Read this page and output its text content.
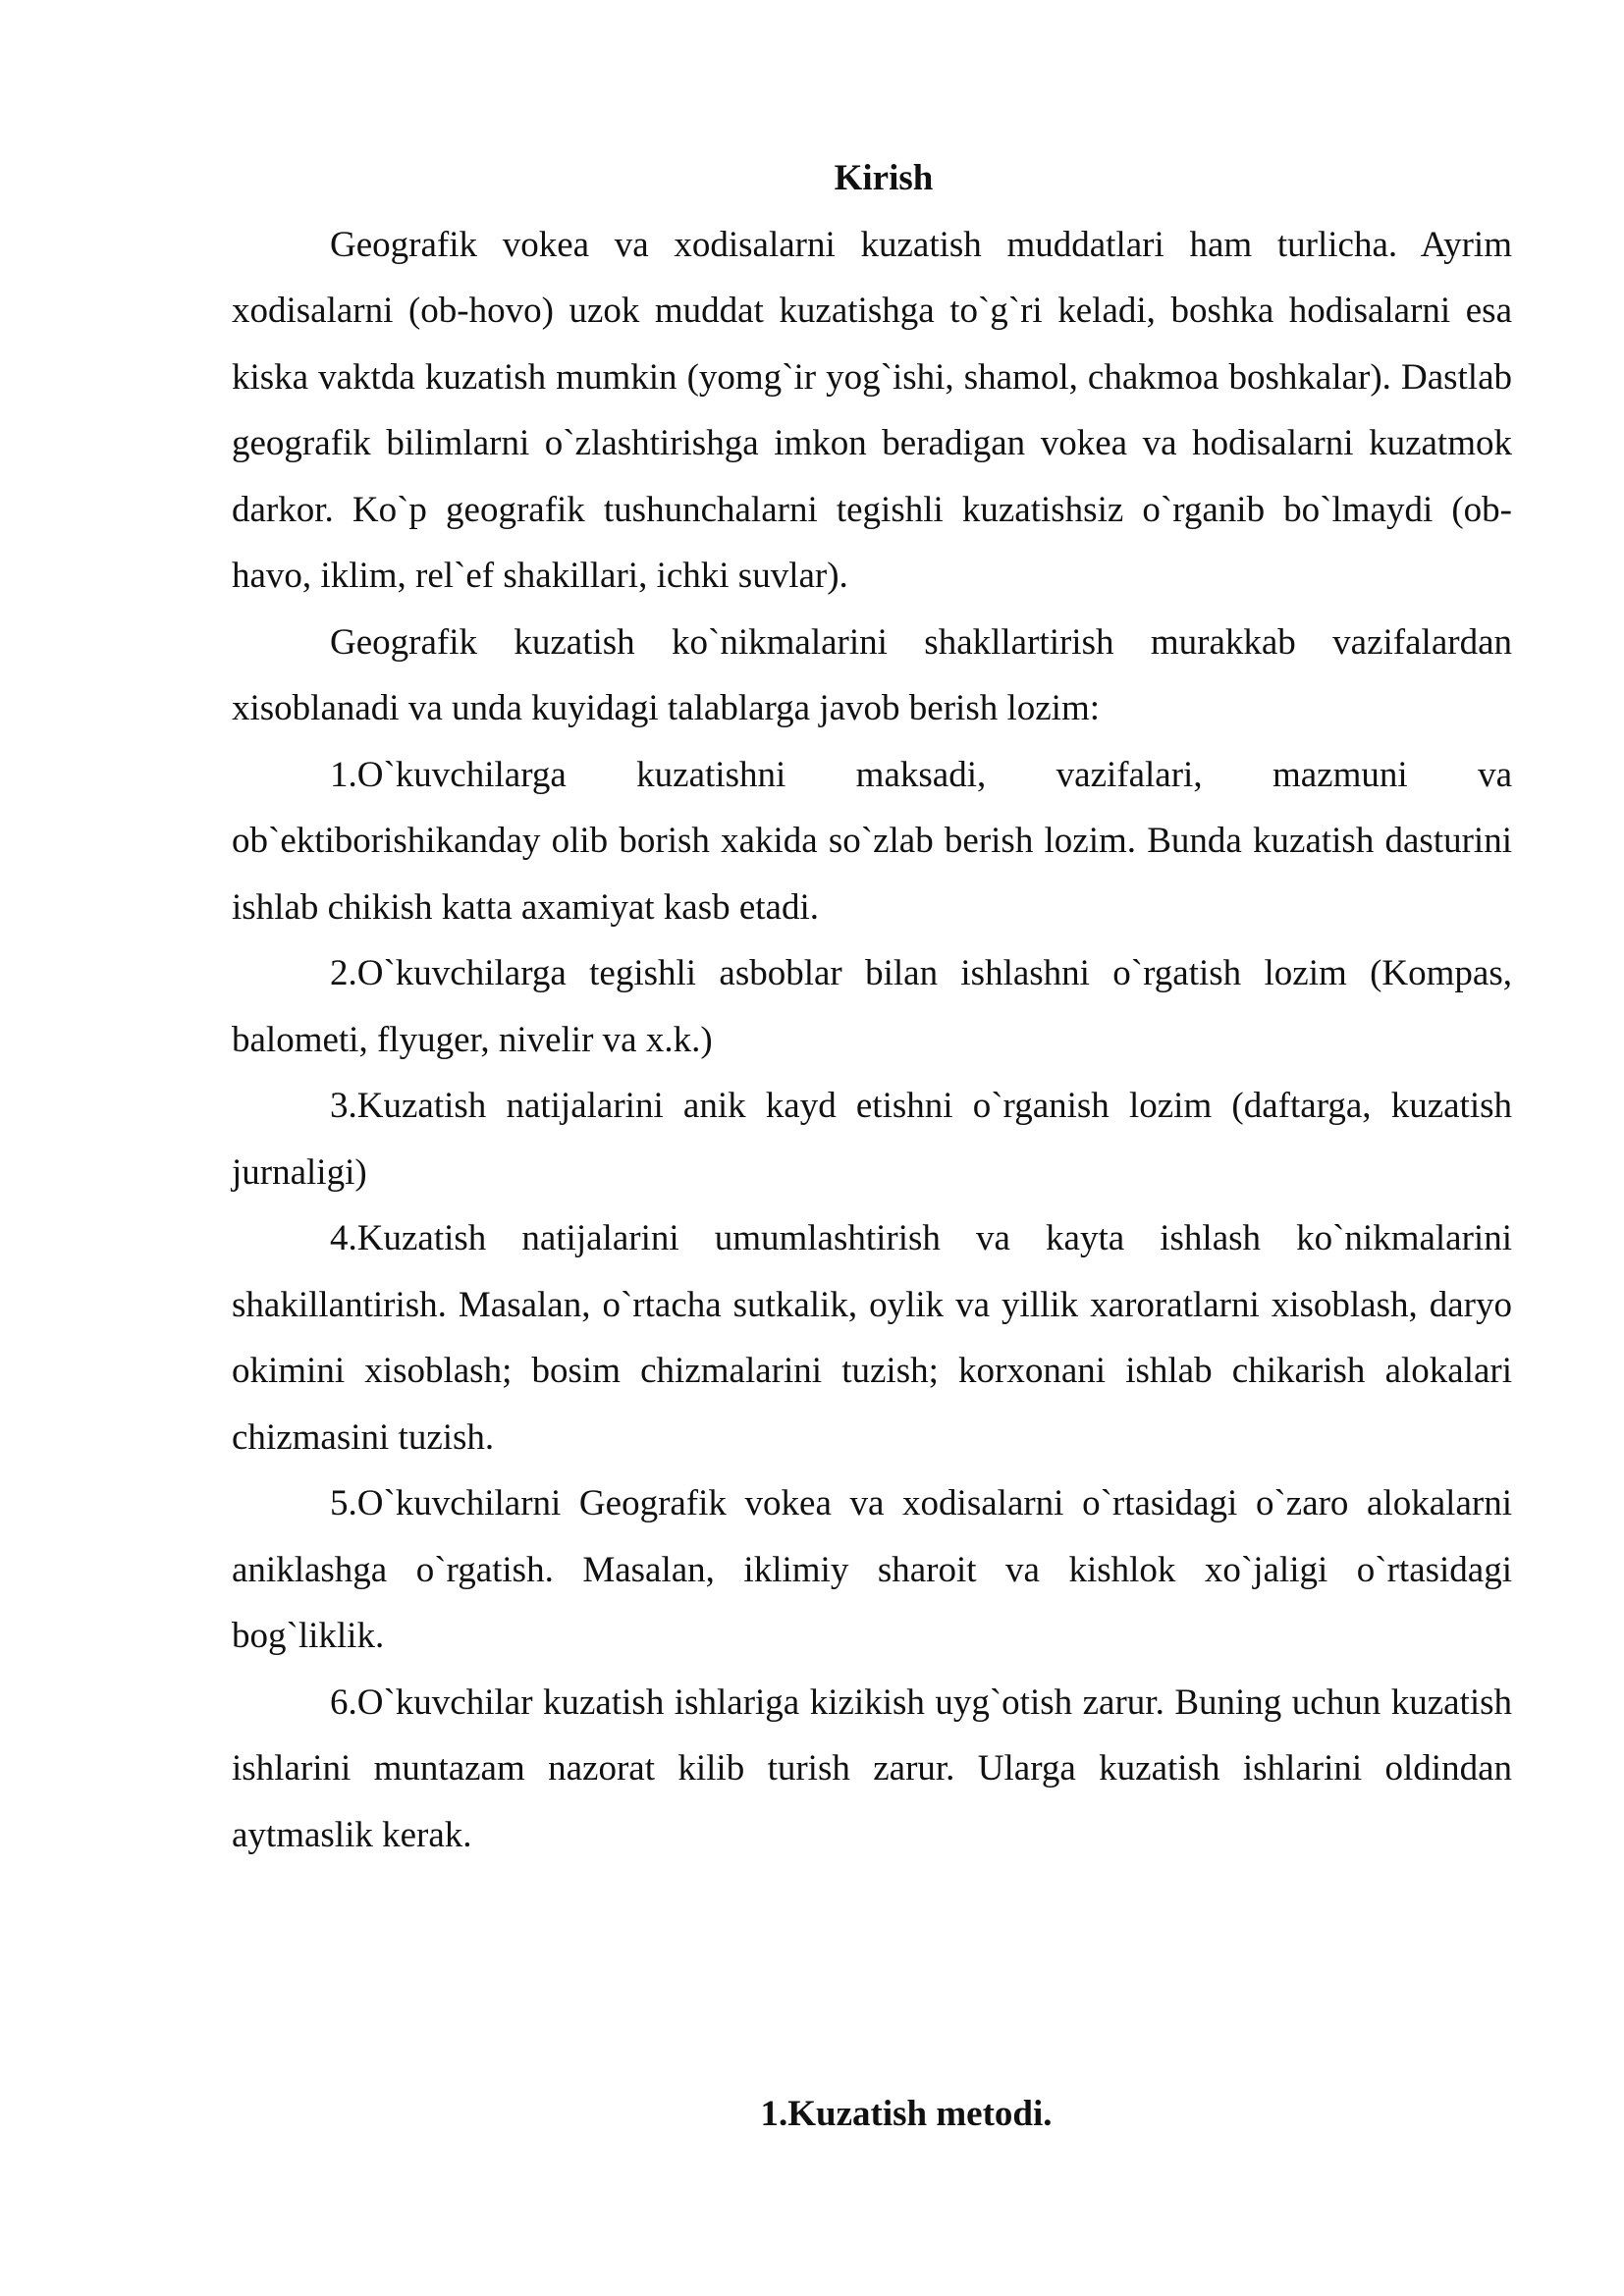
Kirish

Geografik vokea va xodisalarni kuzatish muddatlari ham turlicha. Ayrim xodisalarni (ob-hovo) uzok muddat kuzatishga to`g`ri keladi, boshka hodisalarni esa kiska vaktda kuzatish mumkin (yomg`ir yog`ishi, shamol, chakmoa boshkalar). Dastlab geografik bilimlarni o`zlashtirishga imkon beradigan vokea va hodisalarni kuzatmok darkor. Ko`p geografik tushunchalarni tegishli kuzatishsiz o`rganib bo`lmaydi (ob-havo, iklim, rel`ef shakillari, ichki suvlar).

Geografik kuzatish ko`nikmalarini shakllartirish murakkab vazifalardan xisoblanadi va unda kuyidagi talablarga javob berish lozim:

1.O`kuvchilarga kuzatishni maksadi, vazifalari, mazmuni va ob`ektiborishikanday olib borish xakida so`zlab berish lozim. Bunda kuzatish dasturini ishlab chikish katta axamiyat kasb etadi.

2.O`kuvchilarga tegishli asboblar bilan ishlashni o`rgatish lozim (Kompas, balometi, flyuger, nivelir va x.k.)

3.Kuzatish natijalarini anik kayd etishni o`rganish lozim (daftarga, kuzatish jurnaligi)

4.Kuzatish natijalarini umumlashtirish va kayta ishlash ko`nikmalarini shakillantirish. Masalan, o`rtacha sutkalik, oylik va yillik xaroratlarni xisoblash, daryo okimini xisoblash; bosim chizmalarini tuzish; korxonani ishlab chikarish alokalari chizmasini tuzish.

5.O`kuvchilarni Geografik vokea va xodisalarni o`rtasidagi o`zaro alokalarni aniklashga o`rgatish. Masalan, iklimiy sharoit va kishlok xo`jaligi o`rtasidagi bog`liklik.

6.O`kuvchilar kuzatish ishlariga kizikish uyg`otish zarur. Buning uchun kuzatish ishlarini muntazam nazorat kilib turish zarur. Ularga kuzatish ishlarini oldindan aytmaslik kerak.

1.Kuzatish metodi.
